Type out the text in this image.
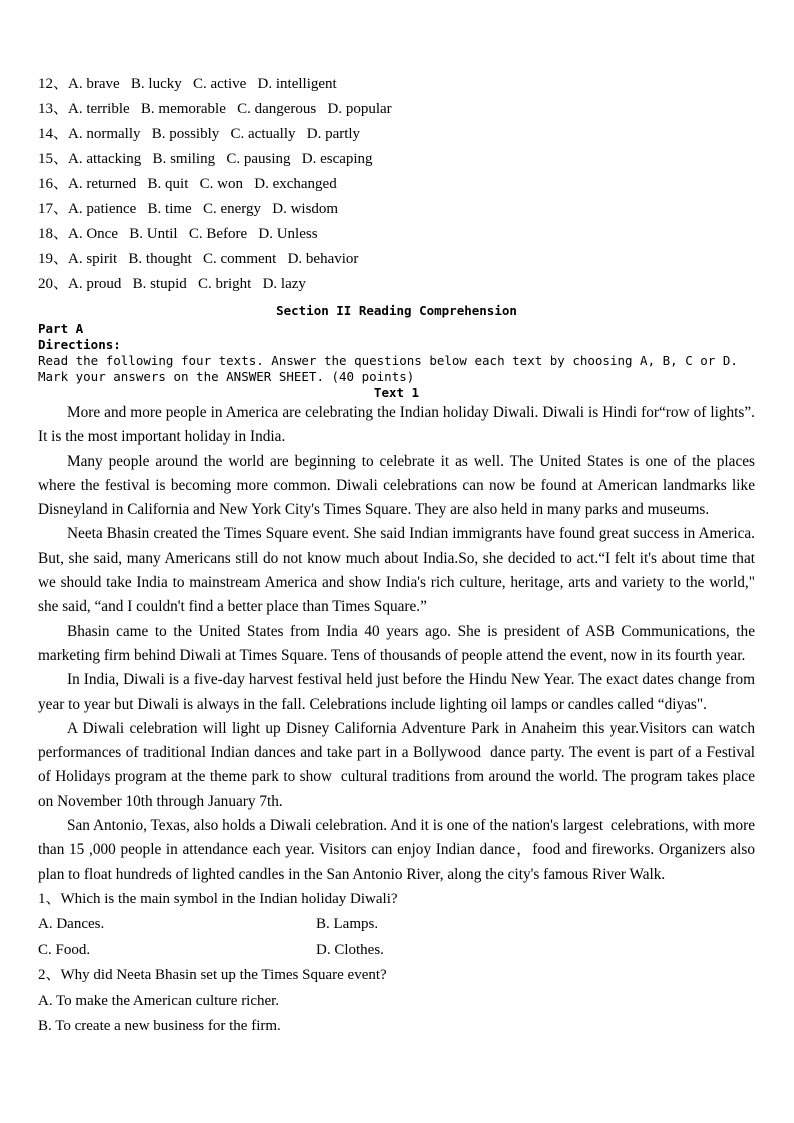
12、A. brave   B. lucky   C. active   D. intelligent
13、A. terrible   B. memorable   C. dangerous   D. popular
14、A. normally   B. possibly   C. actually   D. partly
15、A. attacking   B. smiling   C. pausing   D. escaping
16、A. returned   B. quit   C. won   D. exchanged
17、A. patience   B. time   C. energy   D. wisdom
18、A. Once   B. Until   C. Before   D. Unless
19、A. spirit   B. thought   C. comment   D. behavior
20、A. proud   B. stupid   C. bright   D. lazy
Section II Reading Comprehension
Part A
Directions:
Read the following four texts. Answer the questions below each text by choosing A, B, C or D. Mark your answers on the ANSWER SHEET. (40 points)
Text 1

More and more people in America are celebrating the Indian holiday Diwali. Diwali is Hindi for“row of lights”. It is the most important holiday in India.

Many people around the world are beginning to celebrate it as well. The United States is one of the places where the festival is becoming more common. Diwali celebrations can now be found at American landmarks like Disneyland in California and New York City's Times Square. They are also held in many parks and museums.

Neeta Bhasin created the Times Square event. She said Indian immigrants have found great success in America. But, she said, many Americans still do not know much about India.So, she decided to act.“I felt it's about time that we should take India to mainstream America and show India's rich culture, heritage, arts and variety to the world," she said, “and I couldn't find a better place than Times Square.”

Bhasin came to the United States from India 40 years ago. She is president of ASB Communications, the marketing firm behind Diwali at Times Square. Tens of thousands of people attend the event, now in its fourth year.

In India, Diwali is a five-day harvest festival held just before the Hindu New Year. The exact dates change from year to year but Diwali is always in the fall. Celebrations include lighting oil lamps or candles called “diyas".

A Diwali celebration will light up Disney California Adventure Park in Anaheim this year.Visitors can watch performances of traditional Indian dances and take part in a Bollywood  dance party. The event is part of a Festival of Holidays program at the theme park to show  cultural traditions from around the world. The program takes place on November 10th through January 7th.

San Antonio, Texas, also holds a Diwali celebration. And it is one of the nation's largest  celebrations, with more than 15 ,000 people in attendance each year. Visitors can enjoy Indian dance，food and fireworks. Organizers also plan to float hundreds of lighted candles in the San Antonio River, along the city's famous River Walk.

1、Which is the main symbol in the Indian holiday Diwali?
A. Dances.	B. Lamps.
C. Food.	D. Clothes.
2、Why did Neeta Bhasin set up the Times Square event?
A. To make the American culture richer.
B. To create a new business for the firm.
